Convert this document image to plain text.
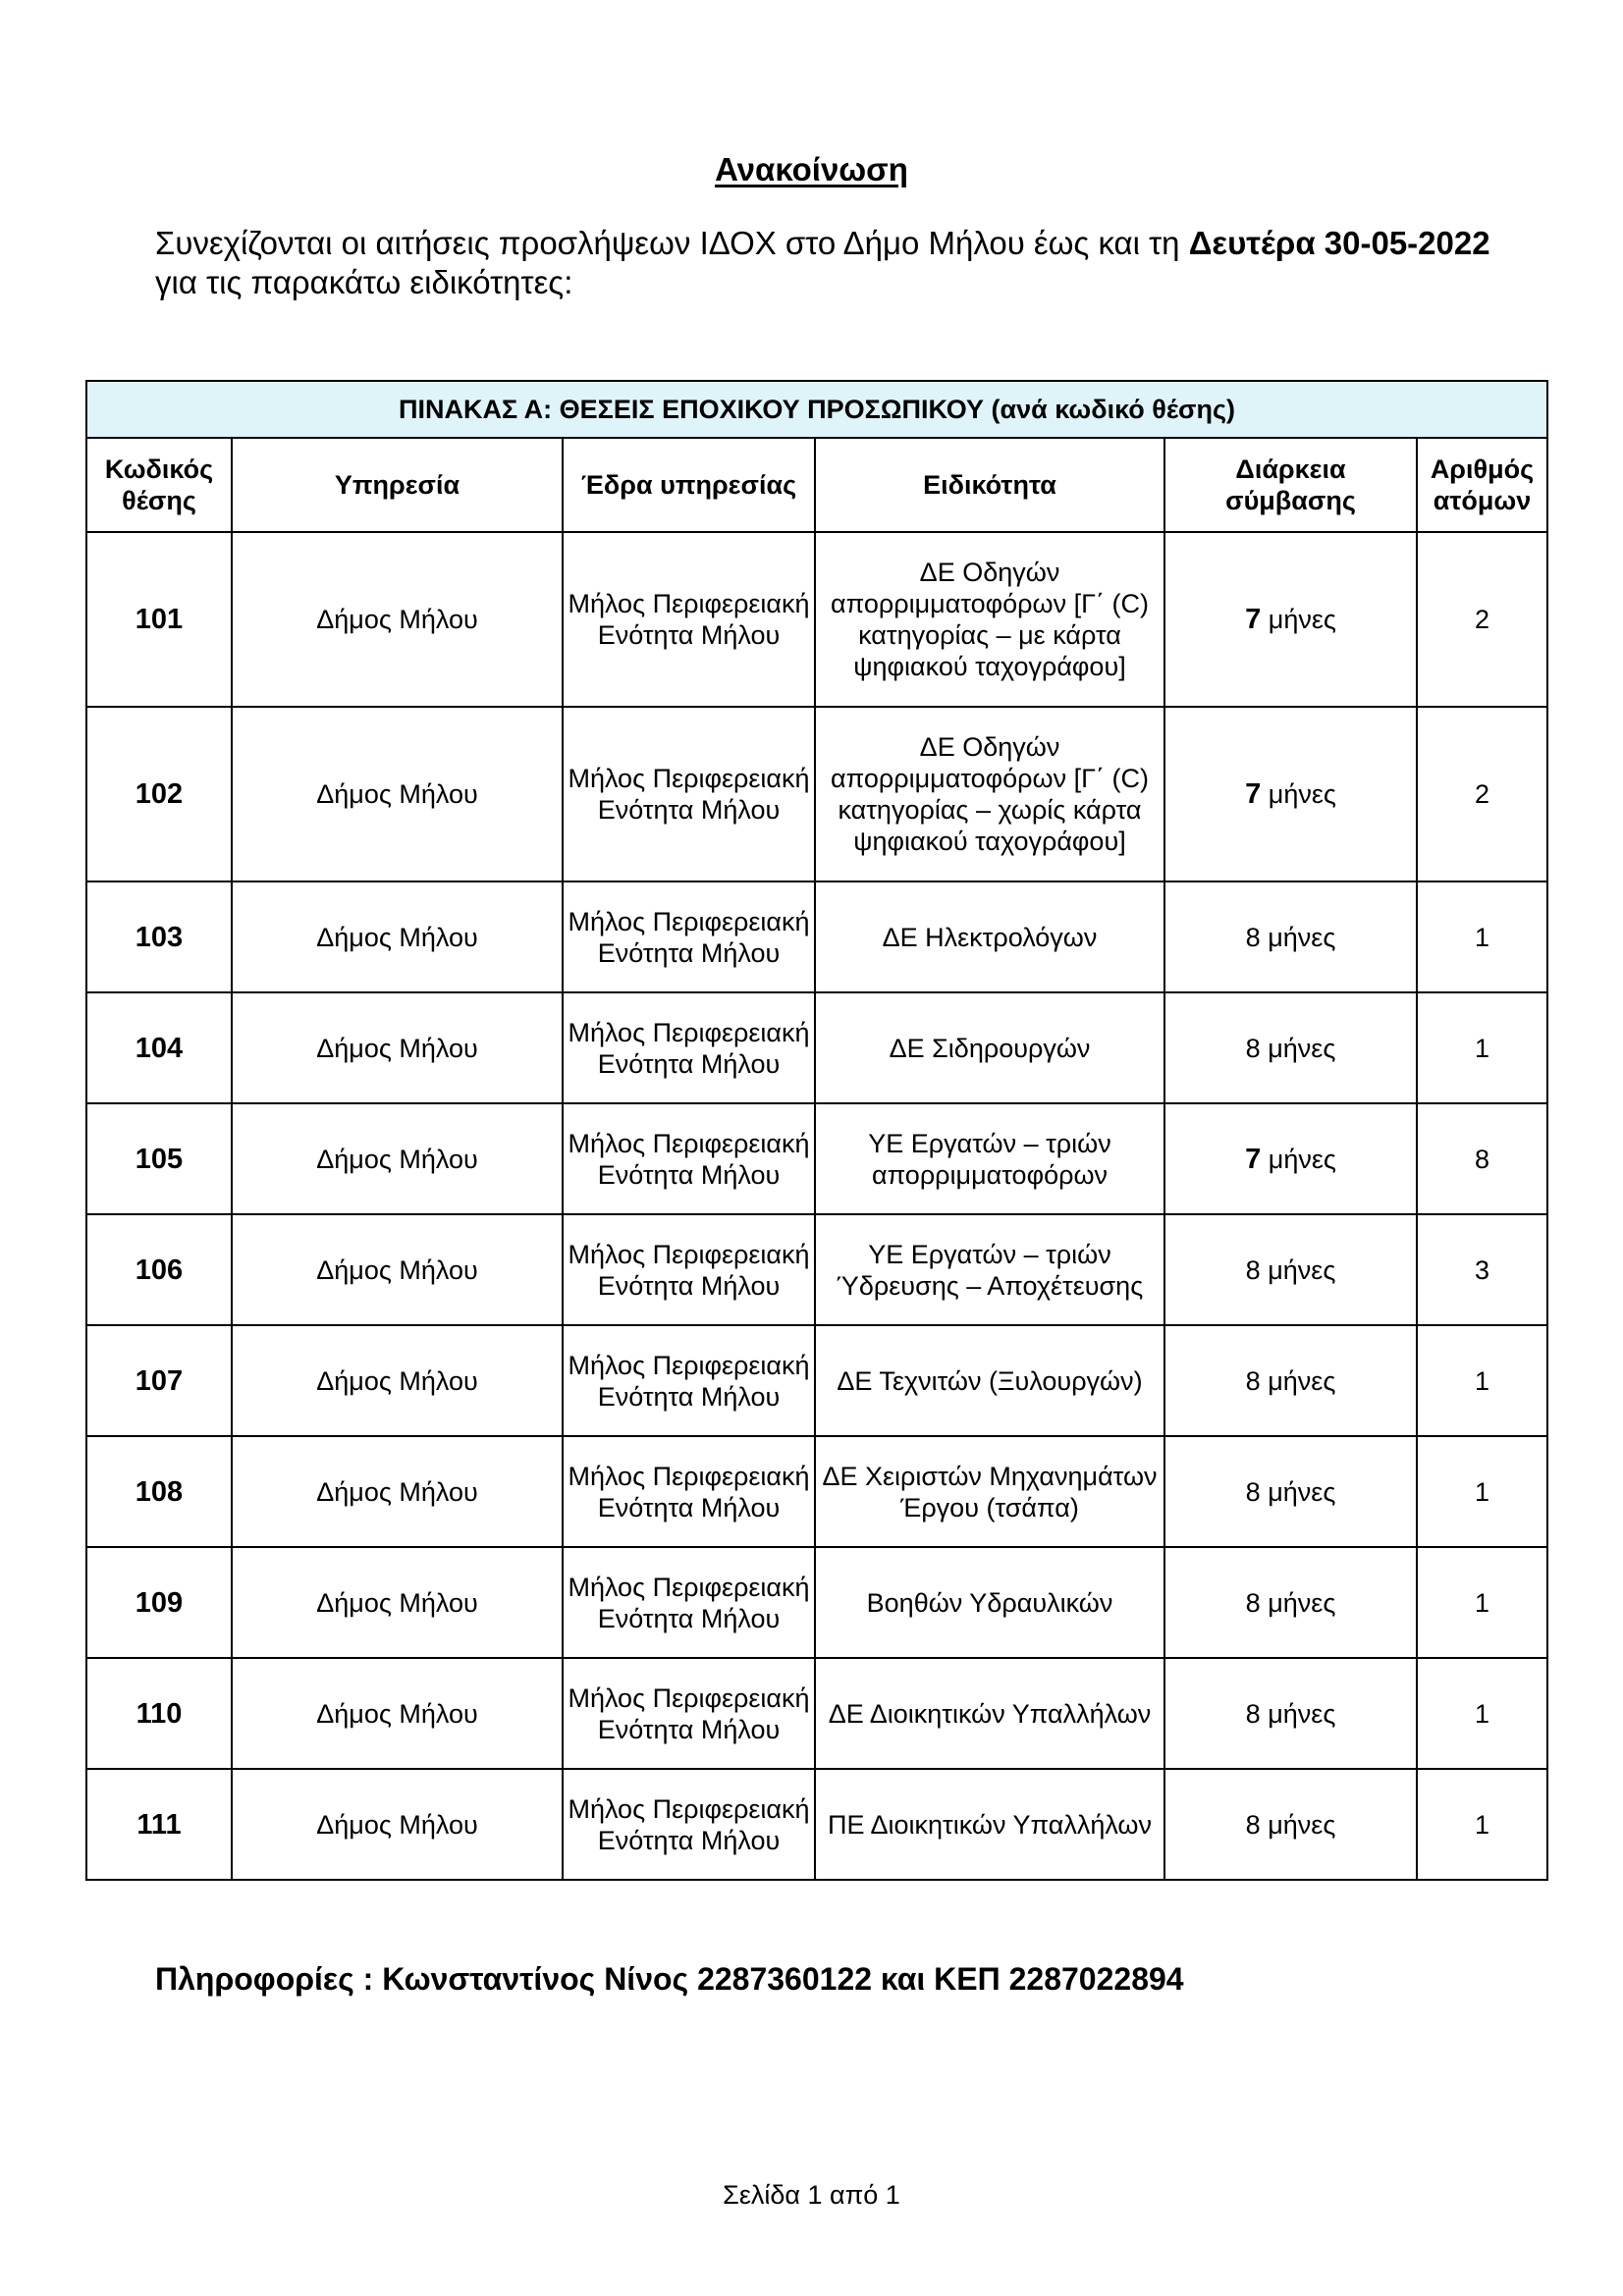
Ανακοίνωση
Συνεχίζονται οι αιτήσεις προσλήψεων ΙΔΟΧ στο Δήμο Μήλου έως και τη Δευτέρα 30-05-2022
για τις παρακάτω ειδικότητες:
ΠΙΝΑΚΑΣ Α: ΘΕΣΕΙΣ ΕΠΟΧΙΚΟΥ ΠΡΟΣΩΠΙΚΟΥ (ανά κωδικό θέσης)					
Κωδικός θέσης	Υπηρεσία	Έδρα υπηρεσίας	Ειδικότητα	Διάρκεια σύμβασης	Αριθμός ατόμων
101	Δήμος Μήλου	Μήλος Περιφερειακή Ενότητα Μήλου	ΔΕ Οδηγών απορριμματοφόρων [Γ΄ (C) κατηγορίας – με κάρτα ψηφιακού ταχογράφου]	7 μήνες	2
102	Δήμος Μήλου	Μήλος Περιφερειακή Ενότητα Μήλου	ΔΕ Οδηγών απορριμματοφόρων [Γ΄ (C) κατηγορίας – χωρίς κάρτα ψηφιακού ταχογράφου]	7 μήνες	2
103	Δήμος Μήλου	Μήλος Περιφερειακή Ενότητα Μήλου	ΔΕ Ηλεκτρολόγων	8 μήνες	1
104	Δήμος Μήλου	Μήλος Περιφερειακή Ενότητα Μήλου	ΔΕ Σιδηρουργών	8 μήνες	1
105	Δήμος Μήλου	Μήλος Περιφερειακή Ενότητα Μήλου	ΥΕ Εργατών – τριών απορριμματοφόρων	7 μήνες	8
106	Δήμος Μήλου	Μήλος Περιφερειακή Ενότητα Μήλου	ΥΕ Εργατών – τριών Ύδρευσης – Αποχέτευσης	8 μήνες	3
107	Δήμος Μήλου	Μήλος Περιφερειακή Ενότητα Μήλου	ΔΕ Τεχνιτών (Ξυλουργών)	8 μήνες	1
108	Δήμος Μήλου	Μήλος Περιφερειακή Ενότητα Μήλου	ΔΕ Χειριστών Μηχανημάτων Έργου (τσάπα)	8 μήνες	1
109	Δήμος Μήλου	Μήλος Περιφερειακή Ενότητα Μήλου	Βοηθών Υδραυλικών	8 μήνες	1
110	Δήμος Μήλου	Μήλος Περιφερειακή Ενότητα Μήλου	ΔΕ Διοικητικών Υπαλλήλων	8 μήνες	1
111	Δήμος Μήλου	Μήλος Περιφερειακή Ενότητα Μήλου	ΠΕ Διοικητικών Υπαλλήλων	8 μήνες	1
Πληροφορίες : Κωνσταντίνος Νίνος 2287360122 και ΚΕΠ 2287022894
Σελίδα 1 από 1
